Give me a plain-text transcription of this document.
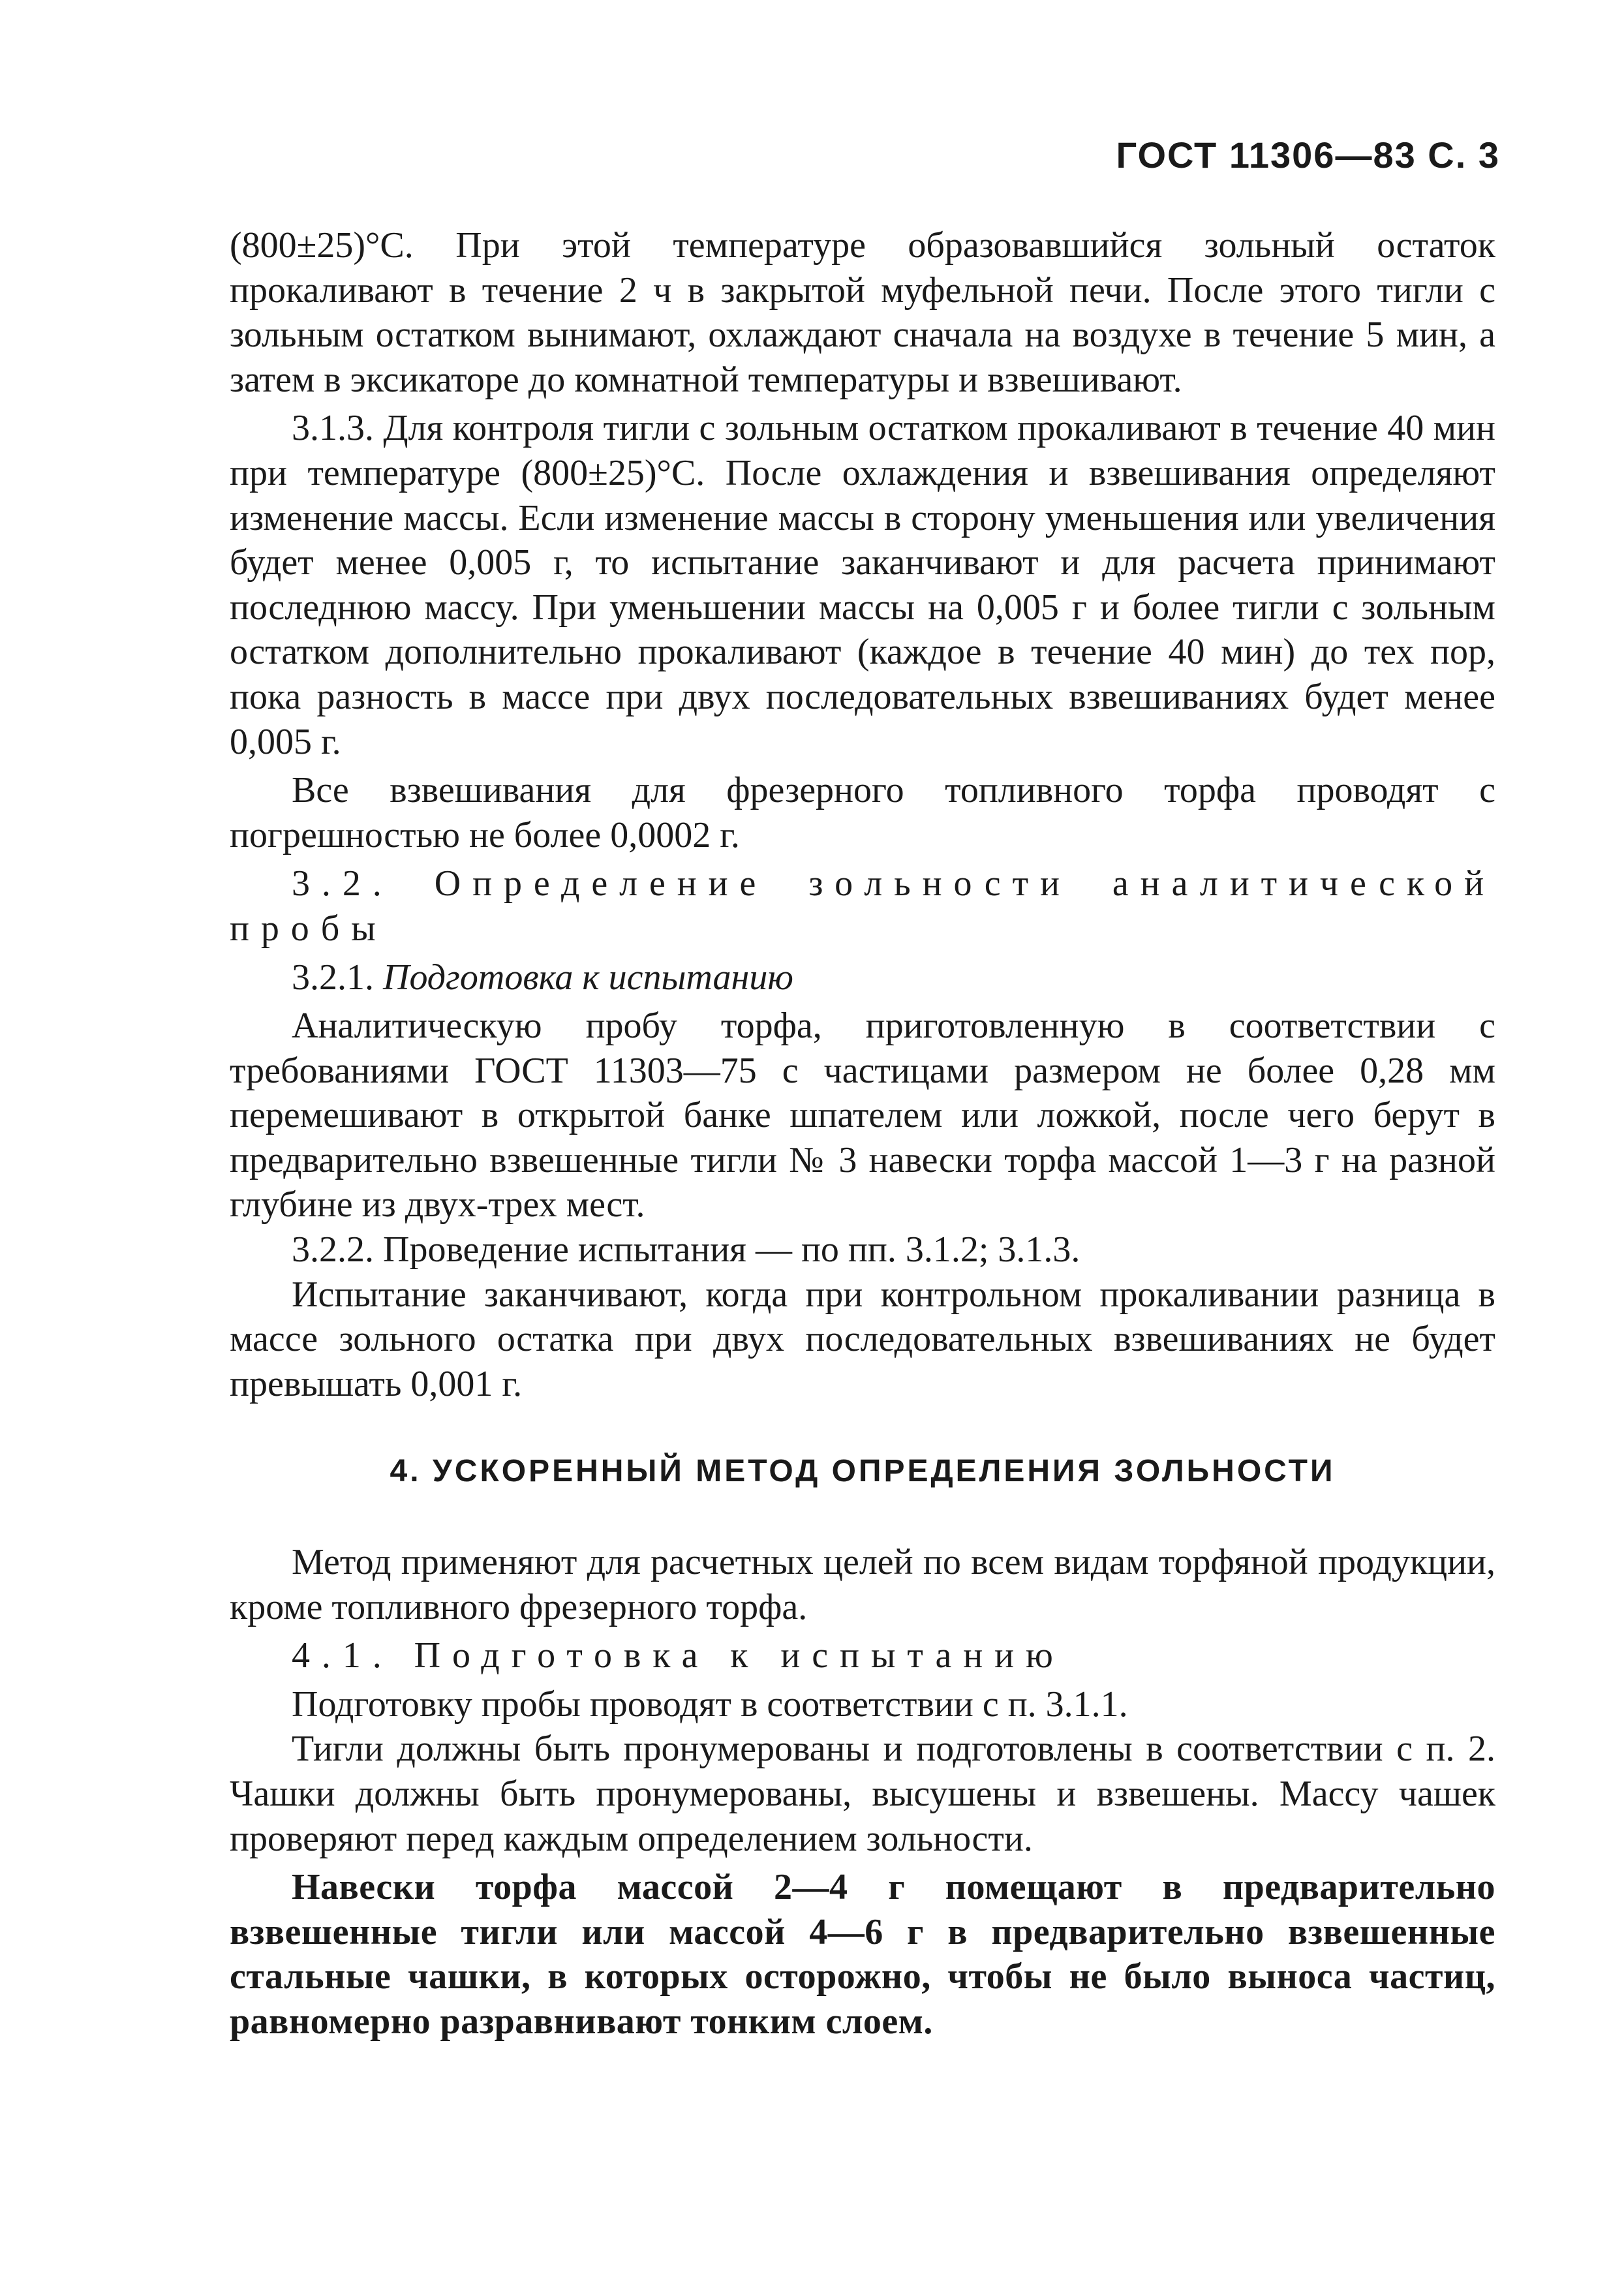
ГОСТ 11306—83 С. 3

(800±25)°С. При этой температуре образовавшийся зольный остаток прокаливают в течение 2 ч в закрытой муфельной печи. После этого тигли с зольным остатком вынимают, охлаждают сначала на воздухе в течение 5 мин, а затем в эксикаторе до комнатной температуры и взвешивают.

3.1.3. Для контроля тигли с зольным остатком прокаливают в течение 40 мин при температуре (800±25)°С. После охлаждения и взвешивания определяют изменение массы. Если изменение массы в сторону уменьшения или увеличения будет менее 0,005 г, то испытание заканчивают и для расчета принимают последнюю массу. При уменьшении массы на 0,005 г и более тигли с зольным остатком дополнительно прокаливают (каждое в течение 40 мин) до тех пор, пока разность в массе при двух последовательных взвешиваниях будет менее 0,005 г.

Все взвешивания для фрезерного топливного торфа проводят с погрешностью не более 0,0002 г.

3.2. Определение зольности аналитической пробы

3.2.1. Подготовка к испытанию

Аналитическую пробу торфа, приготовленную в соответствии с требованиями ГОСТ 11303—75 с частицами размером не более 0,28 мм перемешивают в открытой банке шпателем или ложкой, после чего берут в предварительно взвешенные тигли № 3 навески торфа массой 1—3 г на разной глубине из двух-трех мест.

3.2.2. Проведение испытания — по пп. 3.1.2; 3.1.3.

Испытание заканчивают, когда при контрольном прокаливании разница в массе зольного остатка при двух последовательных взвешиваниях не будет превышать 0,001 г.

4. УСКОРЕННЫЙ МЕТОД ОПРЕДЕЛЕНИЯ ЗОЛЬНОСТИ

Метод применяют для расчетных целей по всем видам торфяной продукции, кроме топливного фрезерного торфа.

4.1. Подготовка к испытанию

Подготовку пробы проводят в соответствии с п. 3.1.1.

Тигли должны быть пронумерованы и подготовлены в соответствии с п. 2. Чашки должны быть пронумерованы, высушены и взвешены. Массу чашек проверяют перед каждым определением зольности.

Навески торфа массой 2—4 г помещают в предварительно взвешенные тигли или массой 4—6 г в предварительно взвешенные стальные чашки, в которых осторожно, чтобы не было выноса частиц, равномерно разравнивают тонким слоем.
